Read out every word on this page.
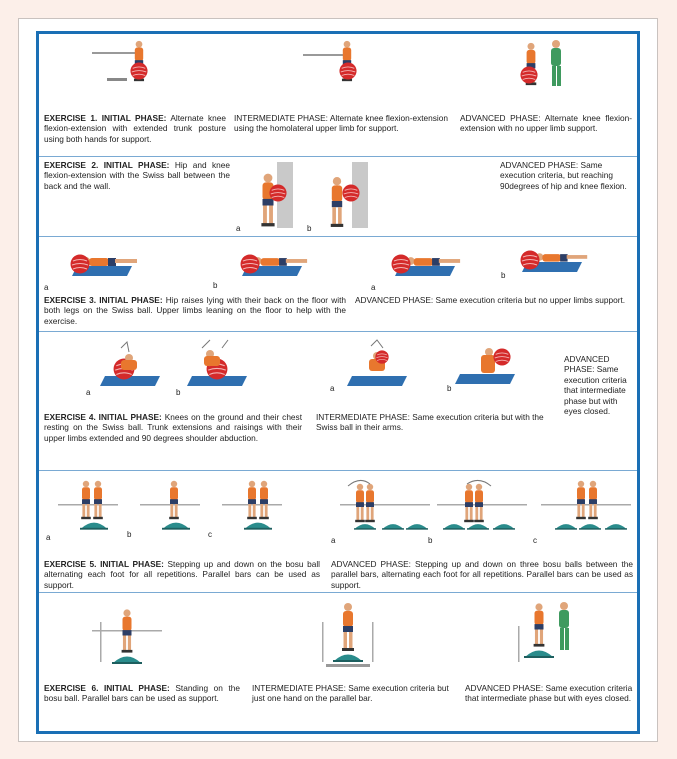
EXERCISE 1. INITIAL PHASE: Alternate knee flexion-extension with extended trunk posture using both hands for support.

INTERMEDIATE PHASE: Alternate knee flexion-extension using the homolateral upper limb for support.

ADVANCED PHASE: Alternate knee flexion-extension with no upper limb support.

EXERCISE 2. INITIAL PHASE: Hip and knee flexion-extension with the Swiss ball between the back and the wall.

a	b

ADVANCED PHASE: Same execution criteria, but reaching 90degrees of hip and knee flexion.

a	b	a
b

EXERCISE 3. INITIAL PHASE: Hip raises lying with their back on the floor with both legs on the Swiss ball. Upper limbs leaning on the floor to help with the exercise.

ADVANCED PHASE: Same execution criteria but no upper limbs support.

a	b	a	b

EXERCISE 4. INITIAL PHASE: Knees on the ground and their chest resting on the Swiss ball. Trunk extensions and raisings with their upper limbs extended and 90 degrees shoulder abduction.

INTERMEDIATE PHASE: Same execution criteria but with the Swiss ball in their arms.

ADVANCED PHASE: Same execution criteria that intermediate phase but with eyes closed.

a	b	c
a	b	c

EXERCISE 5. INITIAL PHASE: Stepping up and down on the bosu ball alternating each foot for all repetitions. Parallel bars can be used as support.

ADVANCED PHASE: Stepping up and down on three bosu balls between the parallel bars, alternating each foot for all repetitions. Parallel bars can be used as support.

EXERCISE 6. INITIAL PHASE: Standing on the bosu ball. Parallel bars can be used as support.

INTERMEDIATE PHASE: Same execution criteria but just one hand on the parallel bar.

ADVANCED PHASE: Same execution criteria that intermediate phase but with eyes closed.
